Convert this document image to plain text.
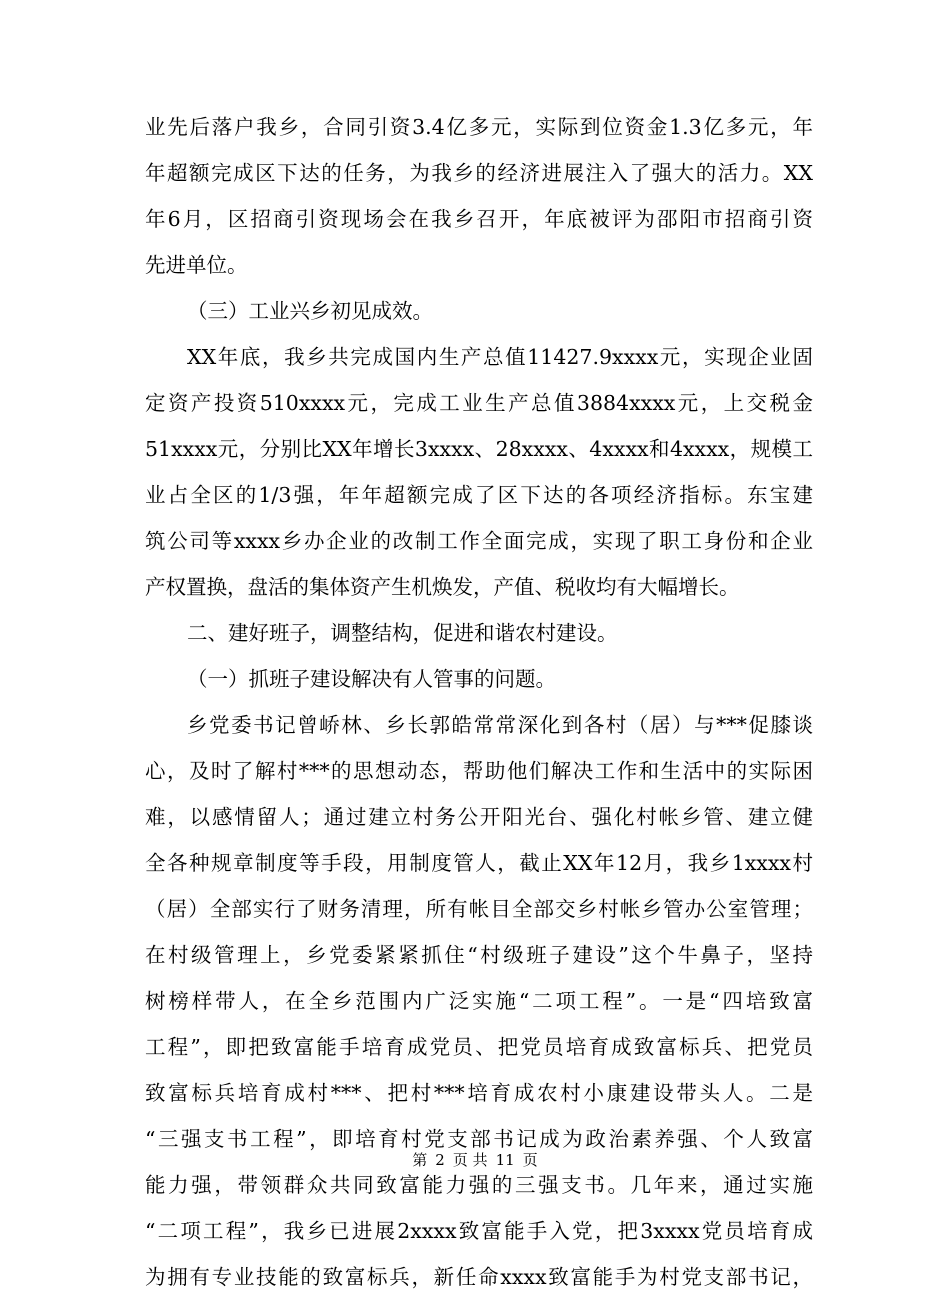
业先后落户我乡，合同引资3.4亿多元，实际到位资金1.3亿多元，年
年超额完成区下达的任务，为我乡的经济进展注入了强大的活力。XX
年6月，区招商引资现场会在我乡召开，年底被评为邵阳市招商引资
先进单位。
（三）工业兴乡初见成效。
XX年底，我乡共完成国内生产总值11427.9xxxx元，实现企业固
定资产投资510xxxx元，完成工业生产总值3884xxxx元，上交税金
51xxxx元，分别比XX年增长3xxxx、28xxxx、4xxxx和4xxxx，规模工
业占全区的1/3强，年年超额完成了区下达的各项经济指标。东宝建
筑公司等xxxx乡办企业的改制工作全面完成，实现了职工身份和企业
产权置换，盘活的集体资产生机焕发，产值、税收均有大幅增长。
二、建好班子，调整结构，促进和谐农村建设。
（一）抓班子建设解决有人管事的问题。
乡党委书记曾峤林、乡长郭皓常常深化到各村（居）与***促膝谈
心，及时了解村***的思想动态，帮助他们解决工作和生活中的实际困
难，以感情留人；通过建立村务公开阳光台、强化村帐乡管、建立健
全各种规章制度等手段，用制度管人，截止XX年12月，我乡1xxxx村
（居）全部实行了财务清理，所有帐目全部交乡村帐乡管办公室管理；
在村级管理上，乡党委紧紧抓住“村级班子建设”这个牛鼻子，坚持
树榜样带人，在全乡范围内广泛实施“二项工程”。一是“四培致富
工程”，即把致富能手培育成党员、把党员培育成致富标兵、把党员
致富标兵培育成村***、把村***培育成农村小康建设带头人。二是
“三强支书工程”，即培育村党支部书记成为政治素养强、个人致富
能力强，带领群众共同致富能力强的三强支书。几年来，通过实施
“二项工程”，我乡已进展2xxxx致富能手入党，把3xxxx党员培育成
为拥有专业技能的致富标兵，新任命xxxx致富能手为村党支部书记，
第 2 页 共 11 页
